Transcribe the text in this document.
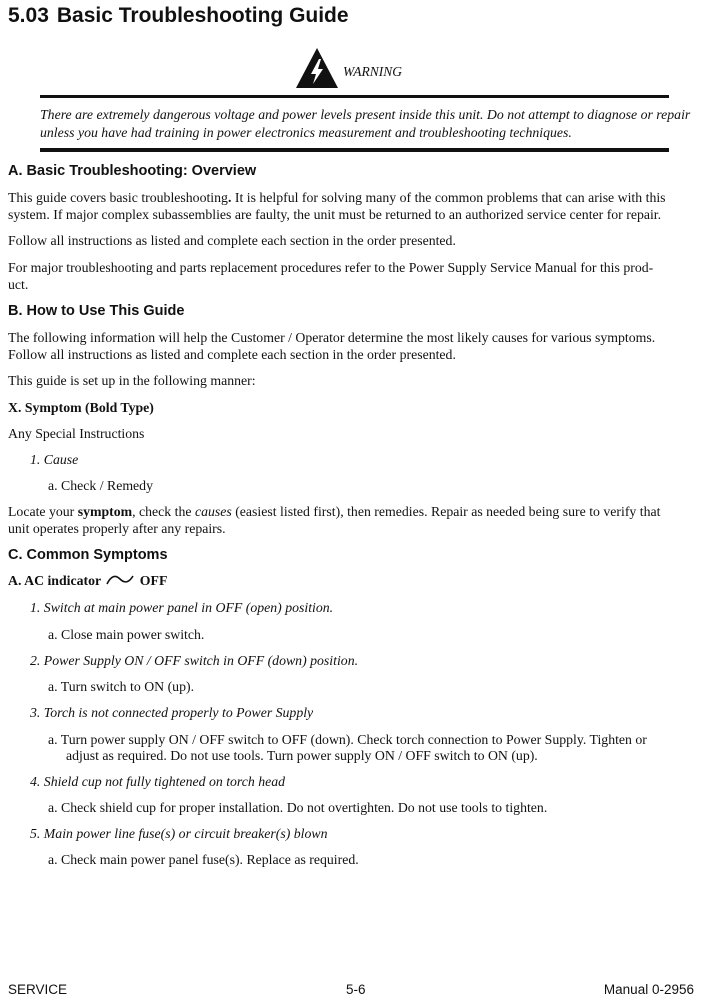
5.03 Basic Troubleshooting Guide
WARNING
There are extremely dangerous voltage and power levels present inside this unit. Do not attempt to diagnose or repair
unless you have had training in power electronics measurement and troubleshooting techniques.
A. Basic Troubleshooting: Overview
This guide covers basic troubleshooting. It is helpful for solving many of the common problems that can arise with this
system. If major complex subassemblies are faulty, the unit must be returned to an authorized service center for repair.
Follow all instructions as listed and complete each section in the order presented.
For major troubleshooting and parts replacement procedures refer to the Power Supply Service Manual for this prod-
uct.
B. How to Use This Guide
The following information will help the Customer / Operator determine the most likely causes for various symptoms.
Follow all instructions as listed and complete each section in the order presented.
This guide is set up in the following manner:
X. Symptom (Bold Type)
Any Special Instructions
1. Cause
a. Check / Remedy
Locate your symptom, check the causes (easiest listed first), then remedies. Repair as needed being sure to verify that
unit operates properly after any repairs.
C. Common Symptoms
A. AC indicator	OFF
1. Switch at main power panel in OFF (open) position.
a. Close main power switch.
2. Power Supply ON / OFF switch in OFF (down) position.
a. Turn switch to ON (up).
3. Torch is not connected properly to Power Supply
a. Turn power supply ON / OFF switch to OFF (down). Check torch connection to Power Supply. Tighten or
adjust as required. Do not use tools. Turn power supply ON / OFF switch to ON (up).
4. Shield cup not fully tightened on torch head
a. Check shield cup for proper installation. Do not overtighten. Do not use tools to tighten.
5. Main power line fuse(s) or circuit breaker(s) blown
a. Check main power panel fuse(s). Replace as required.
SERVICE	5-6	Manual 0-2956
